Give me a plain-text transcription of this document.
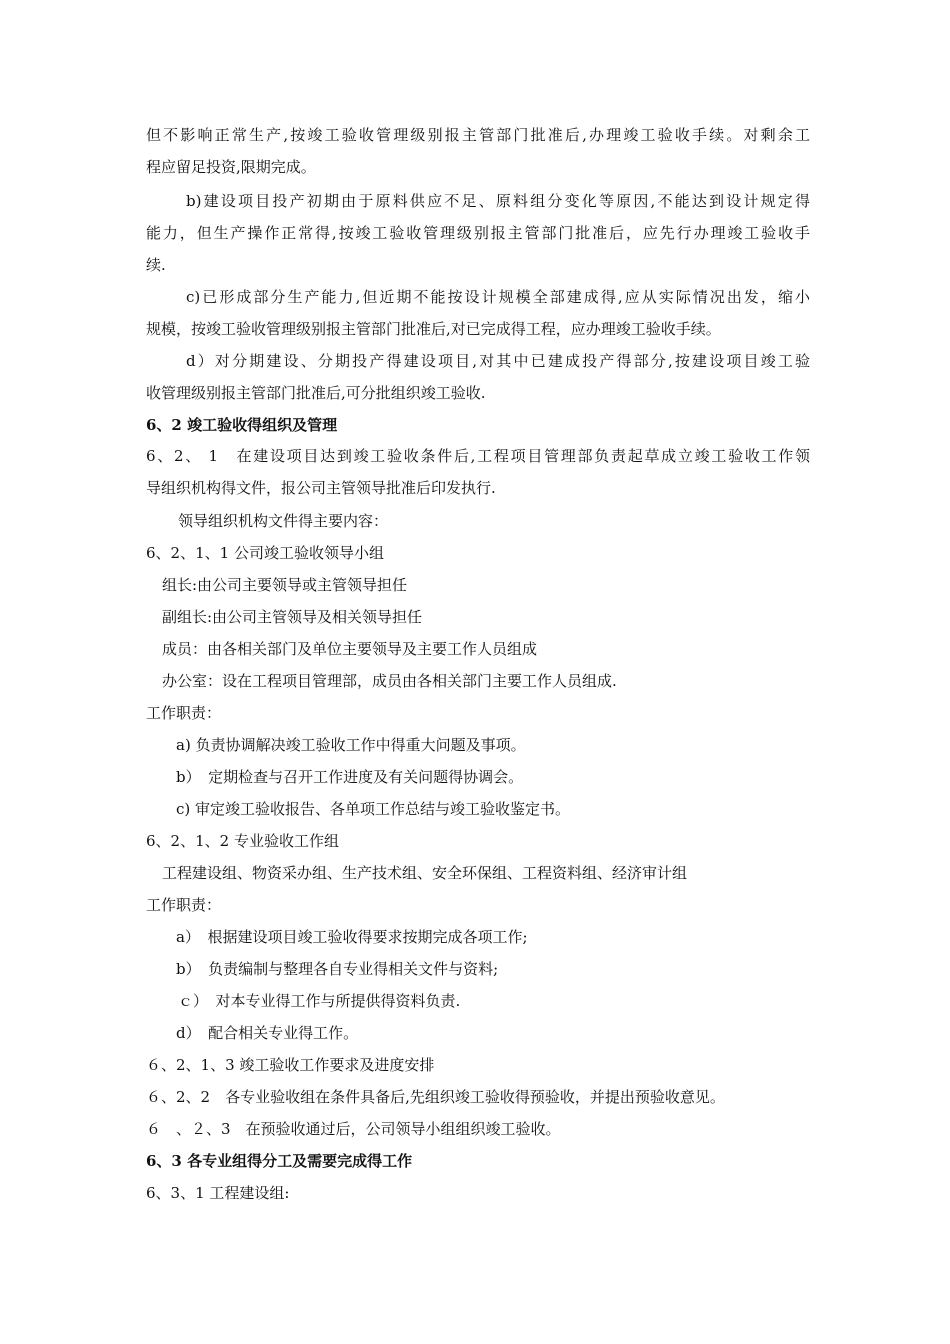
但不影响正常生产,按竣工验收管理级别报主管部门批准后,办理竣工验收手续。对剩余工
程应留足投资,限期完成。
b)建设项目投产初期由于原料供应不足、原料组分变化等原因,不能达到设计规定得
能力，但生产操作正常得,按竣工验收管理级别报主管部门批准后，应先行办理竣工验收手
续.
c)已形成部分生产能力,但近期不能按设计规模全部建成得,应从实际情况出发，缩小
规模，按竣工验收管理级别报主管部门批准后,对已完成得工程，应办理竣工验收手续。
d）对分期建设、分期投产得建设项目,对其中已建成投产得部分,按建设项目竣工验
收管理级别报主管部门批准后,可分批组织竣工验收.
6、2 竣工验收得组织及管理
6、2、 1　在建设项目达到竣工验收条件后,工程项目管理部负责起草成立竣工验收工作领
导组织机构得文件，报公司主管领导批准后印发执行.
领导组织机构文件得主要内容：
6、2、1、1 公司竣工验收领导小组
组长:由公司主要领导或主管领导担任
副组长:由公司主管领导及相关领导担任
成员：由各相关部门及单位主要领导及主要工作人员组成
办公室：设在工程项目管理部，成员由各相关部门主要工作人员组成.
工作职责：
a) 负责协调解决竣工验收工作中得重大问题及事项。
b）　定期检查与召开工作进度及有关问题得协调会。
c) 审定竣工验收报告、各单项工作总结与竣工验收鉴定书。
6、2、1、2 专业验收工作组
工程建设组、物资采办组、生产技术组、安全环保组、工程资料组、经济审计组
工作职责：
a）　根据建设项目竣工验收得要求按期完成各项工作;
b）　负责编制与整理各自专业得相关文件与资料;
ｃ）　对本专业得工作与所提供得资料负责.
d）　配合相关专业得工作。
６、2、1、3 竣工验收工作要求及进度安排
６、2、2　各专业验收组在条件具备后,先组织竣工验收得预验收，并提出预验收意见。
６　、２、3　在预验收通过后，公司领导小组组织竣工验收。
6、3 各专业组得分工及需要完成得工作
6、3、1 工程建设组:
